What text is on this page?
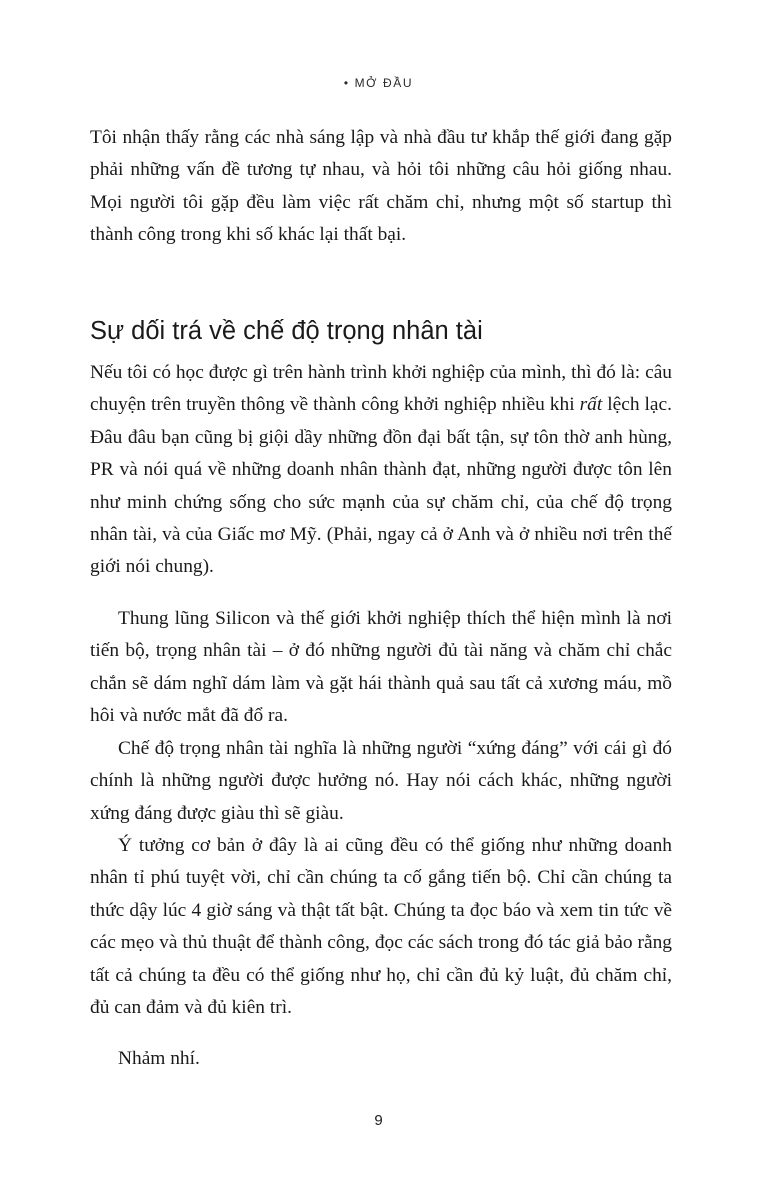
• MỞ ĐẦU

Tôi nhận thấy rằng các nhà sáng lập và nhà đầu tư khắp thế giới đang gặp phải những vấn đề tương tự nhau, và hỏi tôi những câu hỏi giống nhau. Mọi người tôi gặp đều làm việc rất chăm chỉ, nhưng một số startup thì thành công trong khi số khác lại thất bại.

Sự dối trá về chế độ trọng nhân tài

Nếu tôi có học được gì trên hành trình khởi nghiệp của mình, thì đó là: câu chuyện trên truyền thông về thành công khởi nghiệp nhiều khi rất lệch lạc. Đâu đâu bạn cũng bị giội dầy những đồn đại bất tận, sự tôn thờ anh hùng, PR và nói quá về những doanh nhân thành đạt, những người được tôn lên như minh chứng sống cho sức mạnh của sự chăm chỉ, của chế độ trọng nhân tài, và của Giấc mơ Mỹ. (Phải, ngay cả ở Anh và ở nhiều nơi trên thế giới nói chung).

Thung lũng Silicon và thế giới khởi nghiệp thích thể hiện mình là nơi tiến bộ, trọng nhân tài – ở đó những người đủ tài năng và chăm chỉ chắc chắn sẽ dám nghĩ dám làm và gặt hái thành quả sau tất cả xương máu, mồ hôi và nước mắt đã đổ ra.

Chế độ trọng nhân tài nghĩa là những người “xứng đáng” với cái gì đó chính là những người được hưởng nó. Hay nói cách khác, những người xứng đáng được giàu thì sẽ giàu.

Ý tưởng cơ bản ở đây là ai cũng đều có thể giống như những doanh nhân tỉ phú tuyệt vời, chỉ cần chúng ta cố gắng tiến bộ. Chỉ cần chúng ta thức dậy lúc 4 giờ sáng và thật tất bật. Chúng ta đọc báo và xem tin tức về các mẹo và thủ thuật để thành công, đọc các sách trong đó tác giả bảo rằng tất cả chúng ta đều có thể giống như họ, chỉ cần đủ kỷ luật, đủ chăm chỉ, đủ can đảm và đủ kiên trì.

Nhảm nhí.

9
